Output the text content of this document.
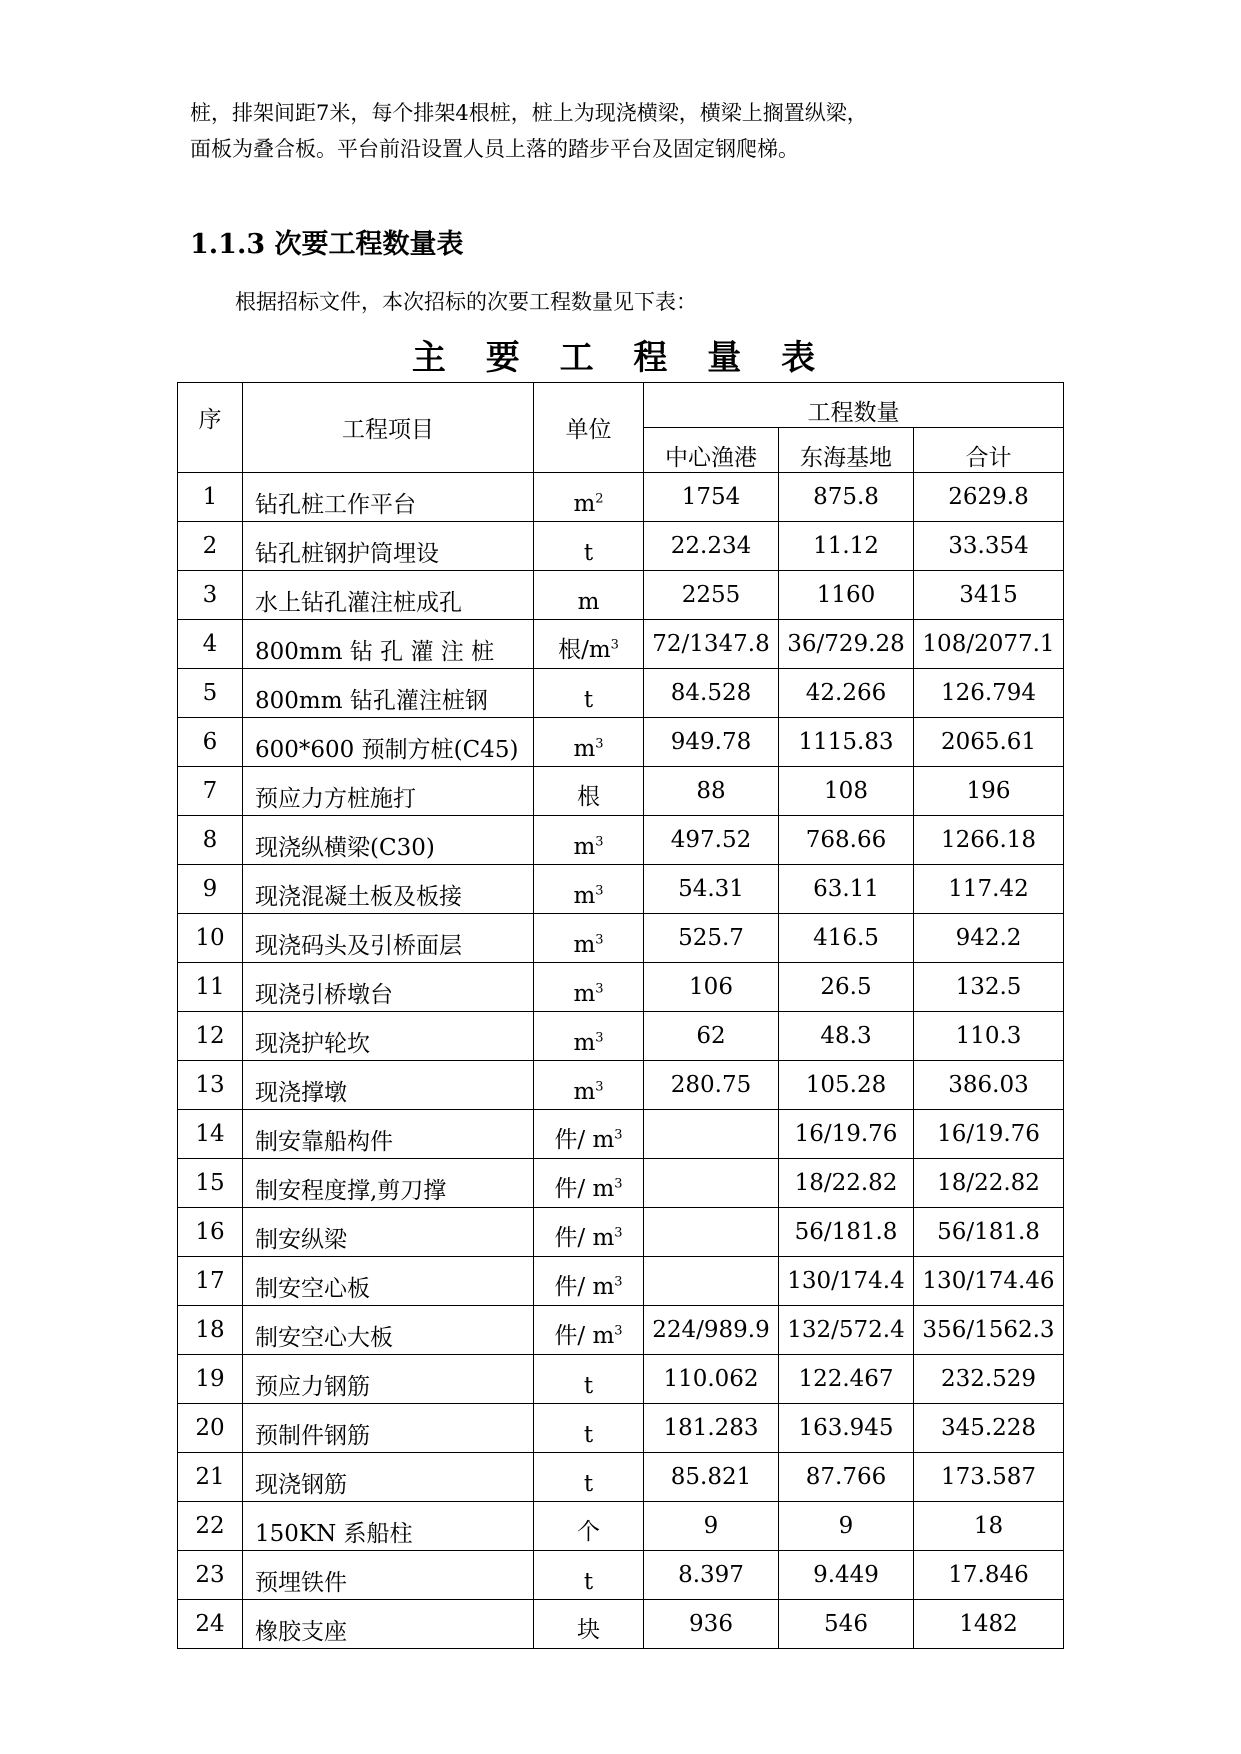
桩，排架间距7米，每个排架4根桩，桩上为现浇横梁，横梁上搁置纵梁，
面板为叠合板。平台前沿设置人员上落的踏步平台及固定钢爬梯。
1.1.3 次要工程数量表
根据招标文件，本次招标的次要工程数量见下表：
主 要 工 程 量 表
序	工程项目	单位	工程数量		
			中心渔港	东海基地	合计
1	钻孔桩工作平台	$m^2$	1754	875.8	2629.8
2	钻孔桩钢护筒埋设	t	22.234	11.12	33.354
3	水上钻孔灌注桩成孔	m	2255	1160	3415
4	800mm 钻 孔 灌 注 桩	根$/m^3$	72/1347.8	36/729.28	108/2077.1
5	800mm 钻孔灌注桩钢	t	84.528	42.266	126.794
6	600*600 预制方桩(C45)	$m^3$	949.78	1115.83	2065.61
7	预应力方桩施打	根	88	108	196
8	现浇纵横梁(C30)	$m^3$	497.52	768.66	1266.18
9	现浇混凝土板及板接	$m^3$	54.31	63.11	117.42
10	现浇码头及引桥面层	$m^3$	525.7	416.5	942.2
11	现浇引桥墩台	$m^3$	106	26.5	132.5
12	现浇护轮坎	$m^3$	62	48.3	110.3
13	现浇撑墩	$m^3$	280.75	105.28	386.03
14	制安靠船构件	件/ $m^3$		16/19.76	16/19.76
15	制安程度撑,剪刀撑	件/ $m^3$		18/22.82	18/22.82
16	制安纵梁	件/ $m^3$		56/181.8	56/181.8
17	制安空心板	件/ $m^3$		130/174.4	130/174.46
18	制安空心大板	件/ $m^3$	224/989.9	132/572.4	356/1562.3
19	预应力钢筋	t	110.062	122.467	232.529
20	预制件钢筋	t	181.283	163.945	345.228
21	现浇钢筋	t	85.821	87.766	173.587
22	150KN 系船柱	个	9	9	18
23	预埋铁件	t	8.397	9.449	17.846
24	橡胶支座	块	936	546	1482
